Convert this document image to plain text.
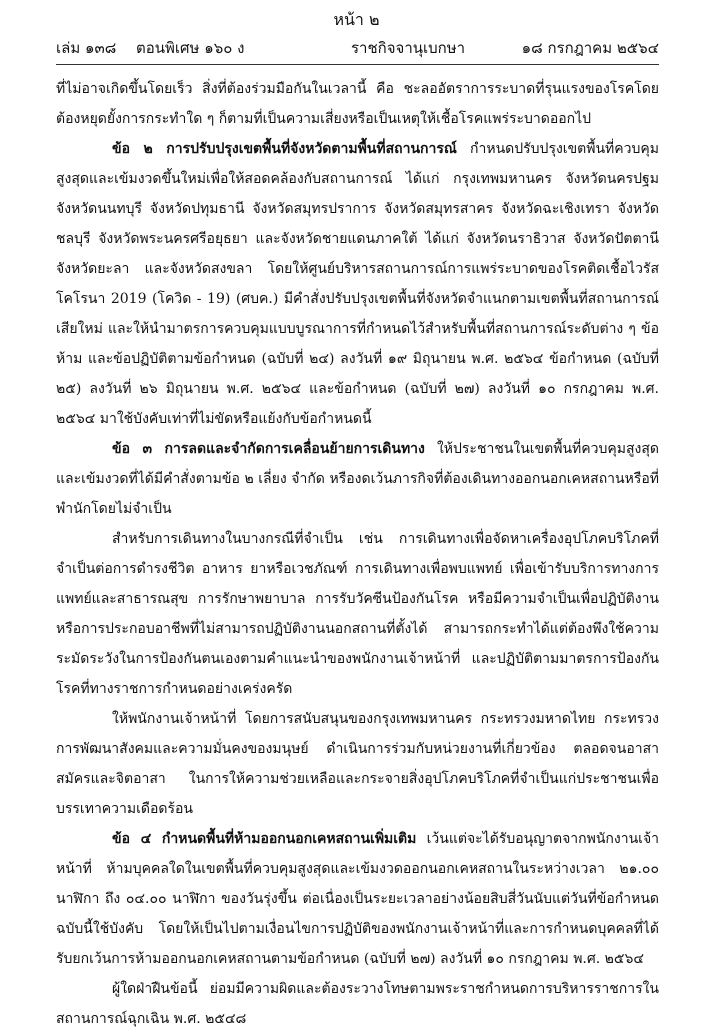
หน้า ๒
เล่ม ๑๓๘ ตอนพิเศษ ๑๖๐ ง	ราชกิจจานุเบกษา	๑๘ กรกฎาคม ๒๕๖๔

ที่ไม่อาจเกิดขึ้นโดยเร็ว สิ่งที่ต้องร่วมมือกันในเวลานี้ คือ ชะลออัตราการระบาดที่รุนแรงของโรคโดยต้องหยุดยั้งการกระทำใด ๆ ก็ตามที่เป็นความเสี่ยงหรือเป็นเหตุให้เชื้อโรคแพร่ระบาดออกไป

ข้อ ๒ การปรับปรุงเขตพื้นที่จังหวัดตามพื้นที่สถานการณ์ กำหนดปรับปรุงเขตพื้นที่ควบคุมสูงสุดและเข้มงวดขึ้นใหม่เพื่อให้สอดคล้องกับสถานการณ์ ได้แก่ กรุงเทพมหานคร จังหวัดนครปฐม จังหวัดนนทบุรี จังหวัดปทุมธานี จังหวัดสมุทรปราการ จังหวัดสมุทรสาคร จังหวัดฉะเชิงเทรา จังหวัดชลบุรี จังหวัดพระนครศรีอยุธยา และจังหวัดชายแดนภาคใต้ ได้แก่ จังหวัดนราธิวาส จังหวัดปัตตานี จังหวัดยะลา และจังหวัดสงขลา โดยให้ศูนย์บริหารสถานการณ์การแพร่ระบาดของโรคติดเชื้อไวรัสโคโรนา 2019 (โควิด - 19) (ศบค.) มีคำสั่งปรับปรุงเขตพื้นที่จังหวัดจำแนกตามเขตพื้นที่สถานการณ์เสียใหม่ และให้นำมาตรการควบคุมแบบบูรณาการที่กำหนดไว้สำหรับพื้นที่สถานการณ์ระดับต่าง ๆ ข้อห้าม และข้อปฏิบัติตามข้อกำหนด (ฉบับที่ ๒๔) ลงวันที่ ๑๙ มิถุนายน พ.ศ. ๒๕๖๔ ข้อกำหนด (ฉบับที่ ๒๕) ลงวันที่ ๒๖ มิถุนายน พ.ศ. ๒๕๖๔ และข้อกำหนด (ฉบับที่ ๒๗) ลงวันที่ ๑๐ กรกฎาคม พ.ศ. ๒๕๖๔ มาใช้บังคับเท่าที่ไม่ขัดหรือแย้งกับข้อกำหนดนี้

ข้อ ๓ การลดและจำกัดการเคลื่อนย้ายการเดินทาง ให้ประชาชนในเขตพื้นที่ควบคุมสูงสุดและเข้มงวดที่ได้มีคำสั่งตามข้อ ๒ เลี่ยง จำกัด หรืองดเว้นภารกิจที่ต้องเดินทางออกนอกเคหสถานหรือที่พำนักโดยไม่จำเป็น

สำหรับการเดินทางในบางกรณีที่จำเป็น เช่น การเดินทางเพื่อจัดหาเครื่องอุปโภคบริโภคที่จำเป็นต่อการดำรงชีวิต อาหาร ยาหรือเวชภัณฑ์ การเดินทางเพื่อพบแพทย์ เพื่อเข้ารับบริการทางการแพทย์และสาธารณสุข การรักษาพยาบาล การรับวัคซีนป้องกันโรค หรือมีความจำเป็นเพื่อปฏิบัติงานหรือการประกอบอาชีพที่ไม่สามารถปฏิบัติงานนอกสถานที่ตั้งได้ สามารถกระทำได้แต่ต้องพึงใช้ความระมัดระวังในการป้องกันตนเองตามคำแนะนำของพนักงานเจ้าหน้าที่ และปฏิบัติตามมาตรการป้องกันโรคที่ทางราชการกำหนดอย่างเคร่งครัด

ให้พนักงานเจ้าหน้าที่ โดยการสนับสนุนของกรุงเทพมหานคร กระทรวงมหาดไทย กระทรวงการพัฒนาสังคมและความมั่นคงของมนุษย์ ดำเนินการร่วมกับหน่วยงานที่เกี่ยวข้อง ตลอดจนอาสาสมัครและจิตอาสา ในการให้ความช่วยเหลือและกระจายสิ่งอุปโภคบริโภคที่จำเป็นแก่ประชาชนเพื่อบรรเทาความเดือดร้อน

ข้อ ๔ กำหนดพื้นที่ห้ามออกนอกเคหสถานเพิ่มเติม เว้นแต่จะได้รับอนุญาตจากพนักงานเจ้าหน้าที่ ห้ามบุคคลใดในเขตพื้นที่ควบคุมสูงสุดและเข้มงวดออกนอกเคหสถานในระหว่างเวลา ๒๑.๐๐ นาฬิกา ถึง ๐๔.๐๐ นาฬิกา ของวันรุ่งขึ้น ต่อเนื่องเป็นระยะเวลาอย่างน้อยสิบสี่วันนับแต่วันที่ข้อกำหนดฉบับนี้ใช้บังคับ โดยให้เป็นไปตามเงื่อนไขการปฏิบัติของพนักงานเจ้าหน้าที่และการกำหนดบุคคลที่ได้รับยกเว้นการห้ามออกนอกเคหสถานตามข้อกำหนด (ฉบับที่ ๒๗) ลงวันที่ ๑๐ กรกฎาคม พ.ศ. ๒๕๖๔

ผู้ใดฝ่าฝืนข้อนี้ ย่อมมีความผิดและต้องระวางโทษตามพระราชกำหนดการบริหารราชการในสถานการณ์ฉุกเฉิน พ.ศ. ๒๕๔๘
